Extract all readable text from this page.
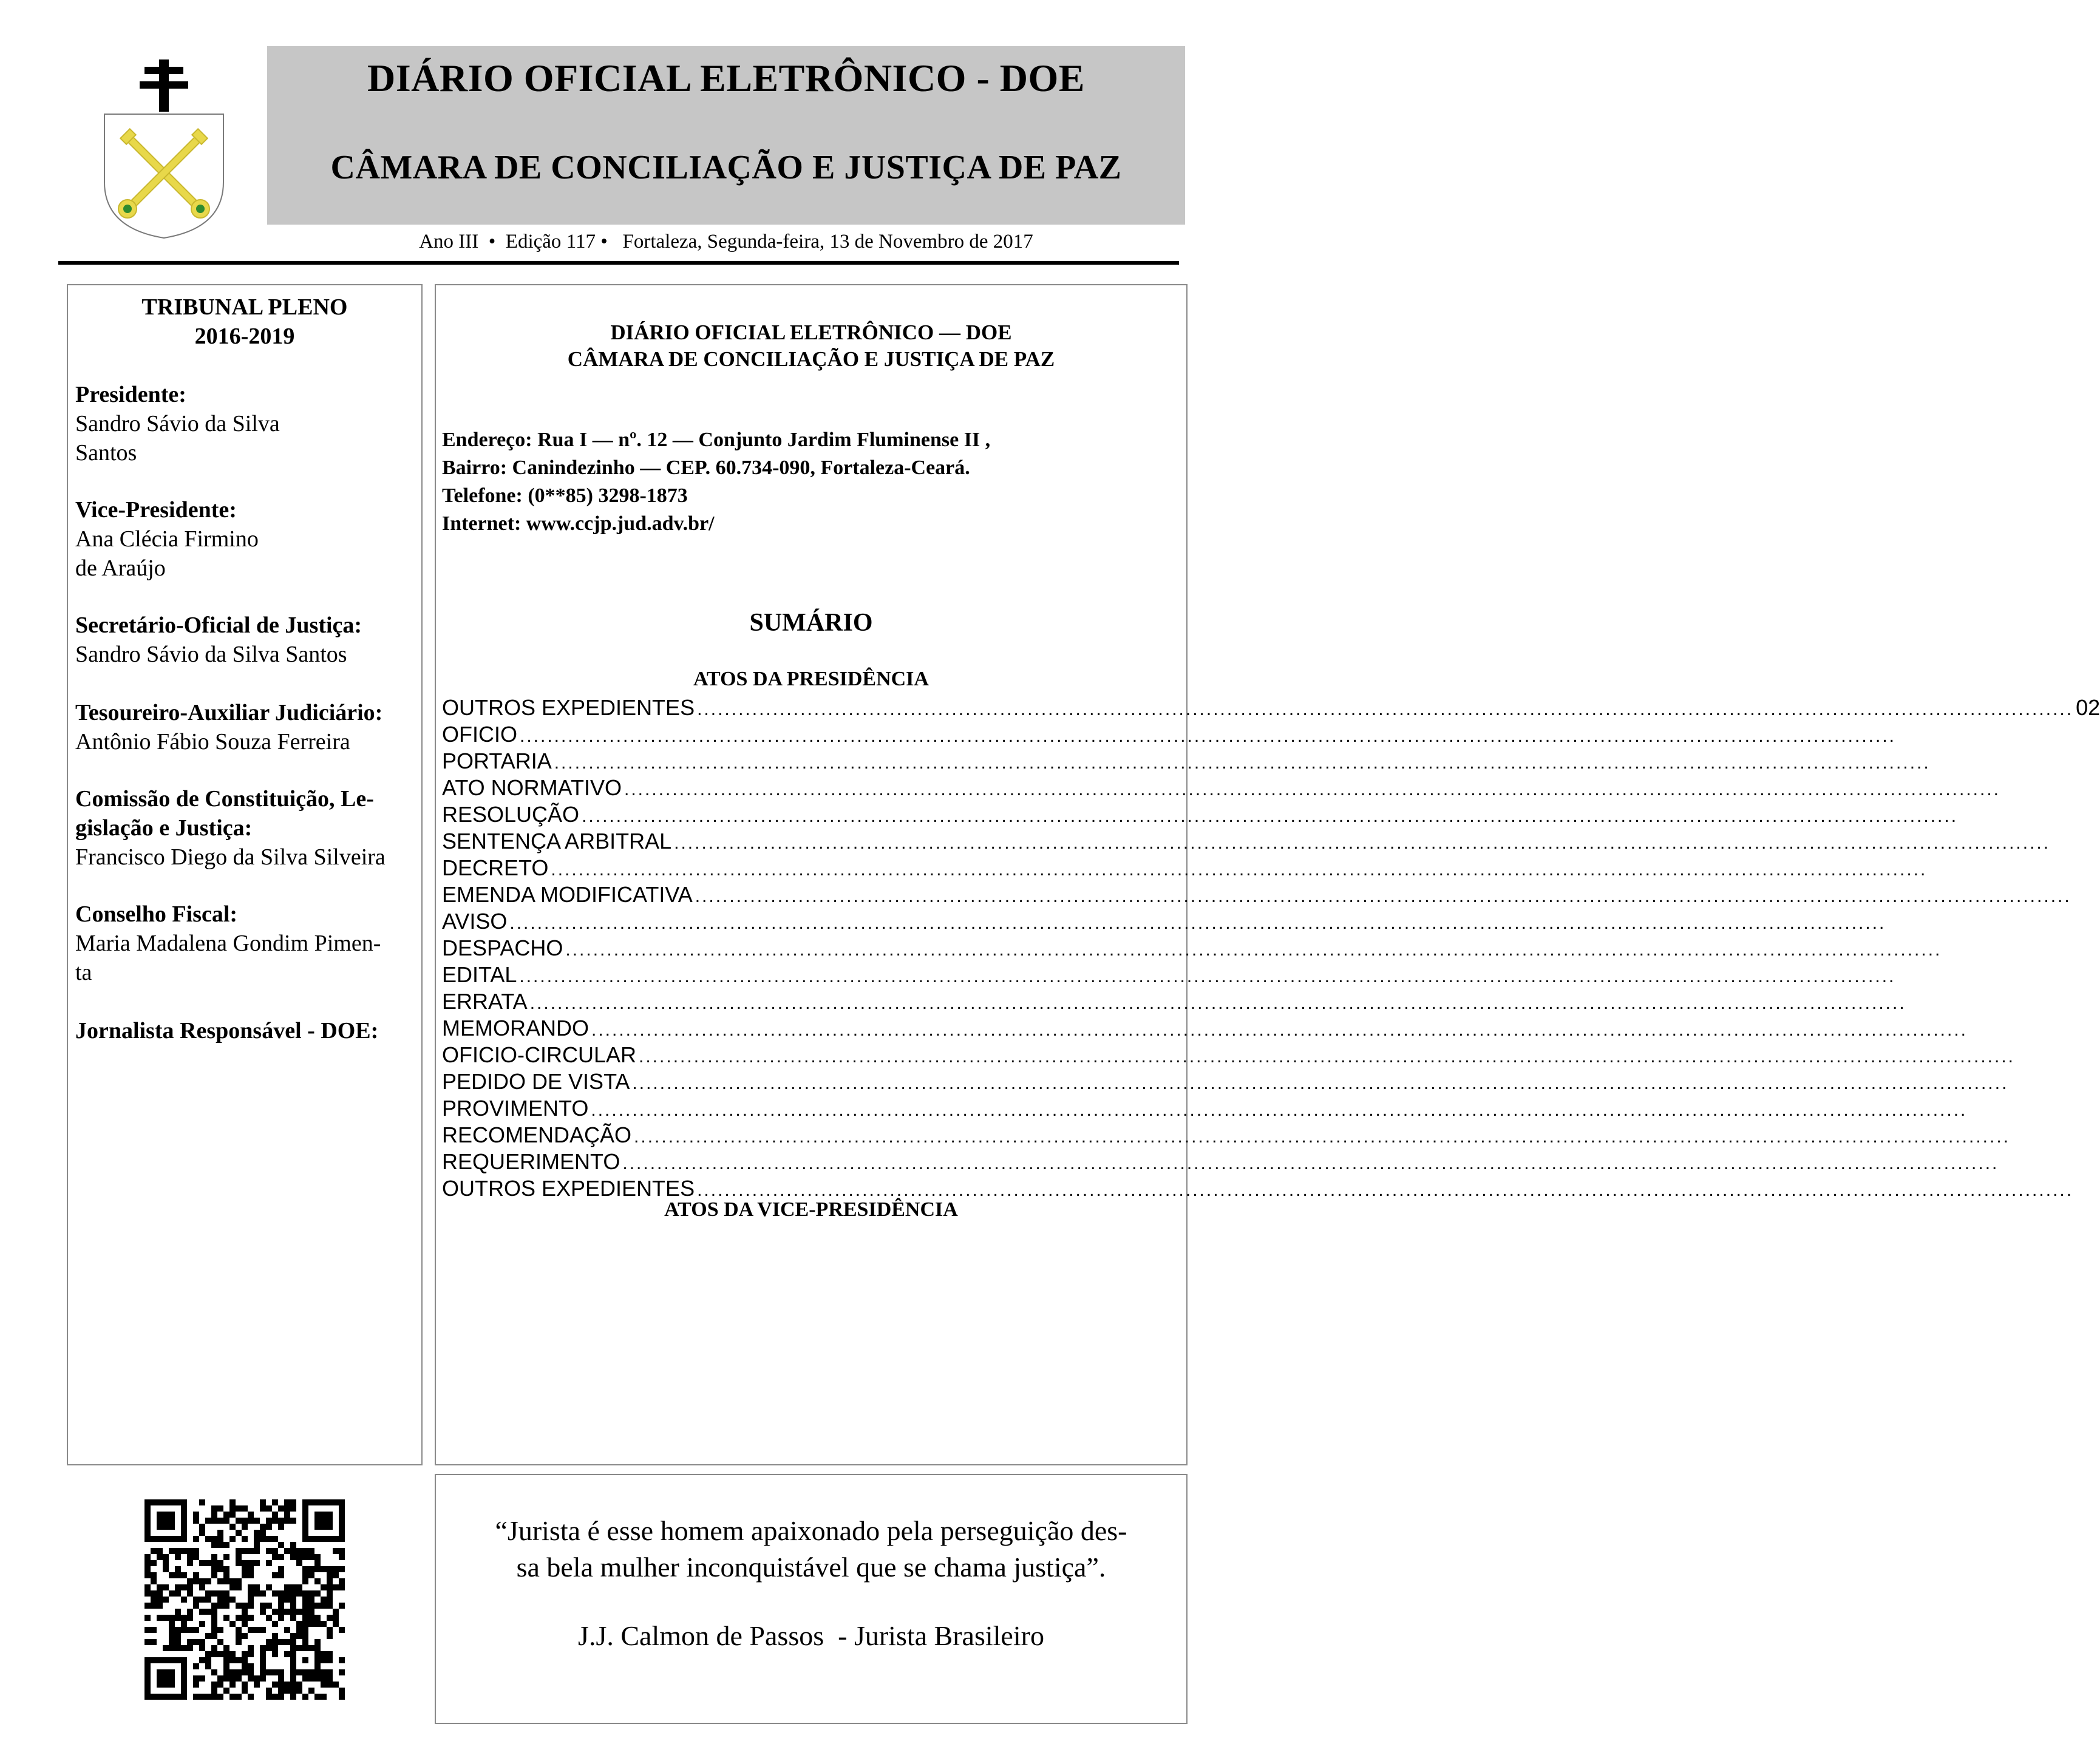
DIÁRIO OFICIAL ELETRÔNICO - DOE
CÂMARA DE CONCILIAÇÃO E JUSTIÇA DE PAZ
Ano III  •  Edição 117 •   Fortaleza, Segunda-feira, 13 de Novembro de 2017
TRIBUNAL PLENO
2016-2019
Presidente:
Sandro Sávio da Silva
Santos
Vice-Presidente:
Ana Clécia Firmino
de Araújo
Secretário-Oficial de Justiça:
Sandro Sávio da Silva Santos
Tesoureiro-Auxiliar Judiciário:
Antônio Fábio Souza Ferreira
Comissão de Constituição, Le-
gislação e Justiça:
Francisco Diego da Silva Silveira
Conselho Fiscal:
Maria Madalena Gondim Pimen-
ta
Jornalista Responsável - DOE:
DIÁRIO OFICIAL ELETRÔNICO — DOE
CÂMARA DE CONCILIAÇÃO E JUSTIÇA DE PAZ
Endereço: Rua I — nº. 12 — Conjunto Jardim Fluminense II ,
Bairro: Canindezinho — CEP. 60.734-090, Fortaleza-Ceará.
Telefone: (0**85) 3298-1873
Internet: www.ccjp.jud.adv.br/
SUMÁRIO
ATOS DA PRESIDÊNCIA
OUTROS EXPEDIENTES ........................................................................................................................................................................................................ 02
OFICIO ........................................................................................................................................................................................................
PORTARIA ........................................................................................................................................................................................................
ATO NORMATIVO ........................................................................................................................................................................................................
RESOLUÇÃO ........................................................................................................................................................................................................
SENTENÇA ARBITRAL ........................................................................................................................................................................................................
DECRETO ........................................................................................................................................................................................................
EMENDA MODIFICATIVA ........................................................................................................................................................................................................
AVISO ........................................................................................................................................................................................................
DESPACHO ........................................................................................................................................................................................................
EDITAL ........................................................................................................................................................................................................
ERRATA ........................................................................................................................................................................................................
MEMORANDO ........................................................................................................................................................................................................
OFICIO-CIRCULAR ........................................................................................................................................................................................................
PEDIDO DE VISTA ........................................................................................................................................................................................................
PROVIMENTO ........................................................................................................................................................................................................
RECOMENDAÇÃO ........................................................................................................................................................................................................
REQUERIMENTO ........................................................................................................................................................................................................
OUTROS EXPEDIENTES ........................................................................................................................................................................................................
ATOS DA VICE-PRESIDÊNCIA
“Jurista é esse homem apaixonado pela perseguição des-
sa bela mulher inconquistável que se chama justiça”.
J.J. Calmon de Passos  - Jurista Brasileiro
